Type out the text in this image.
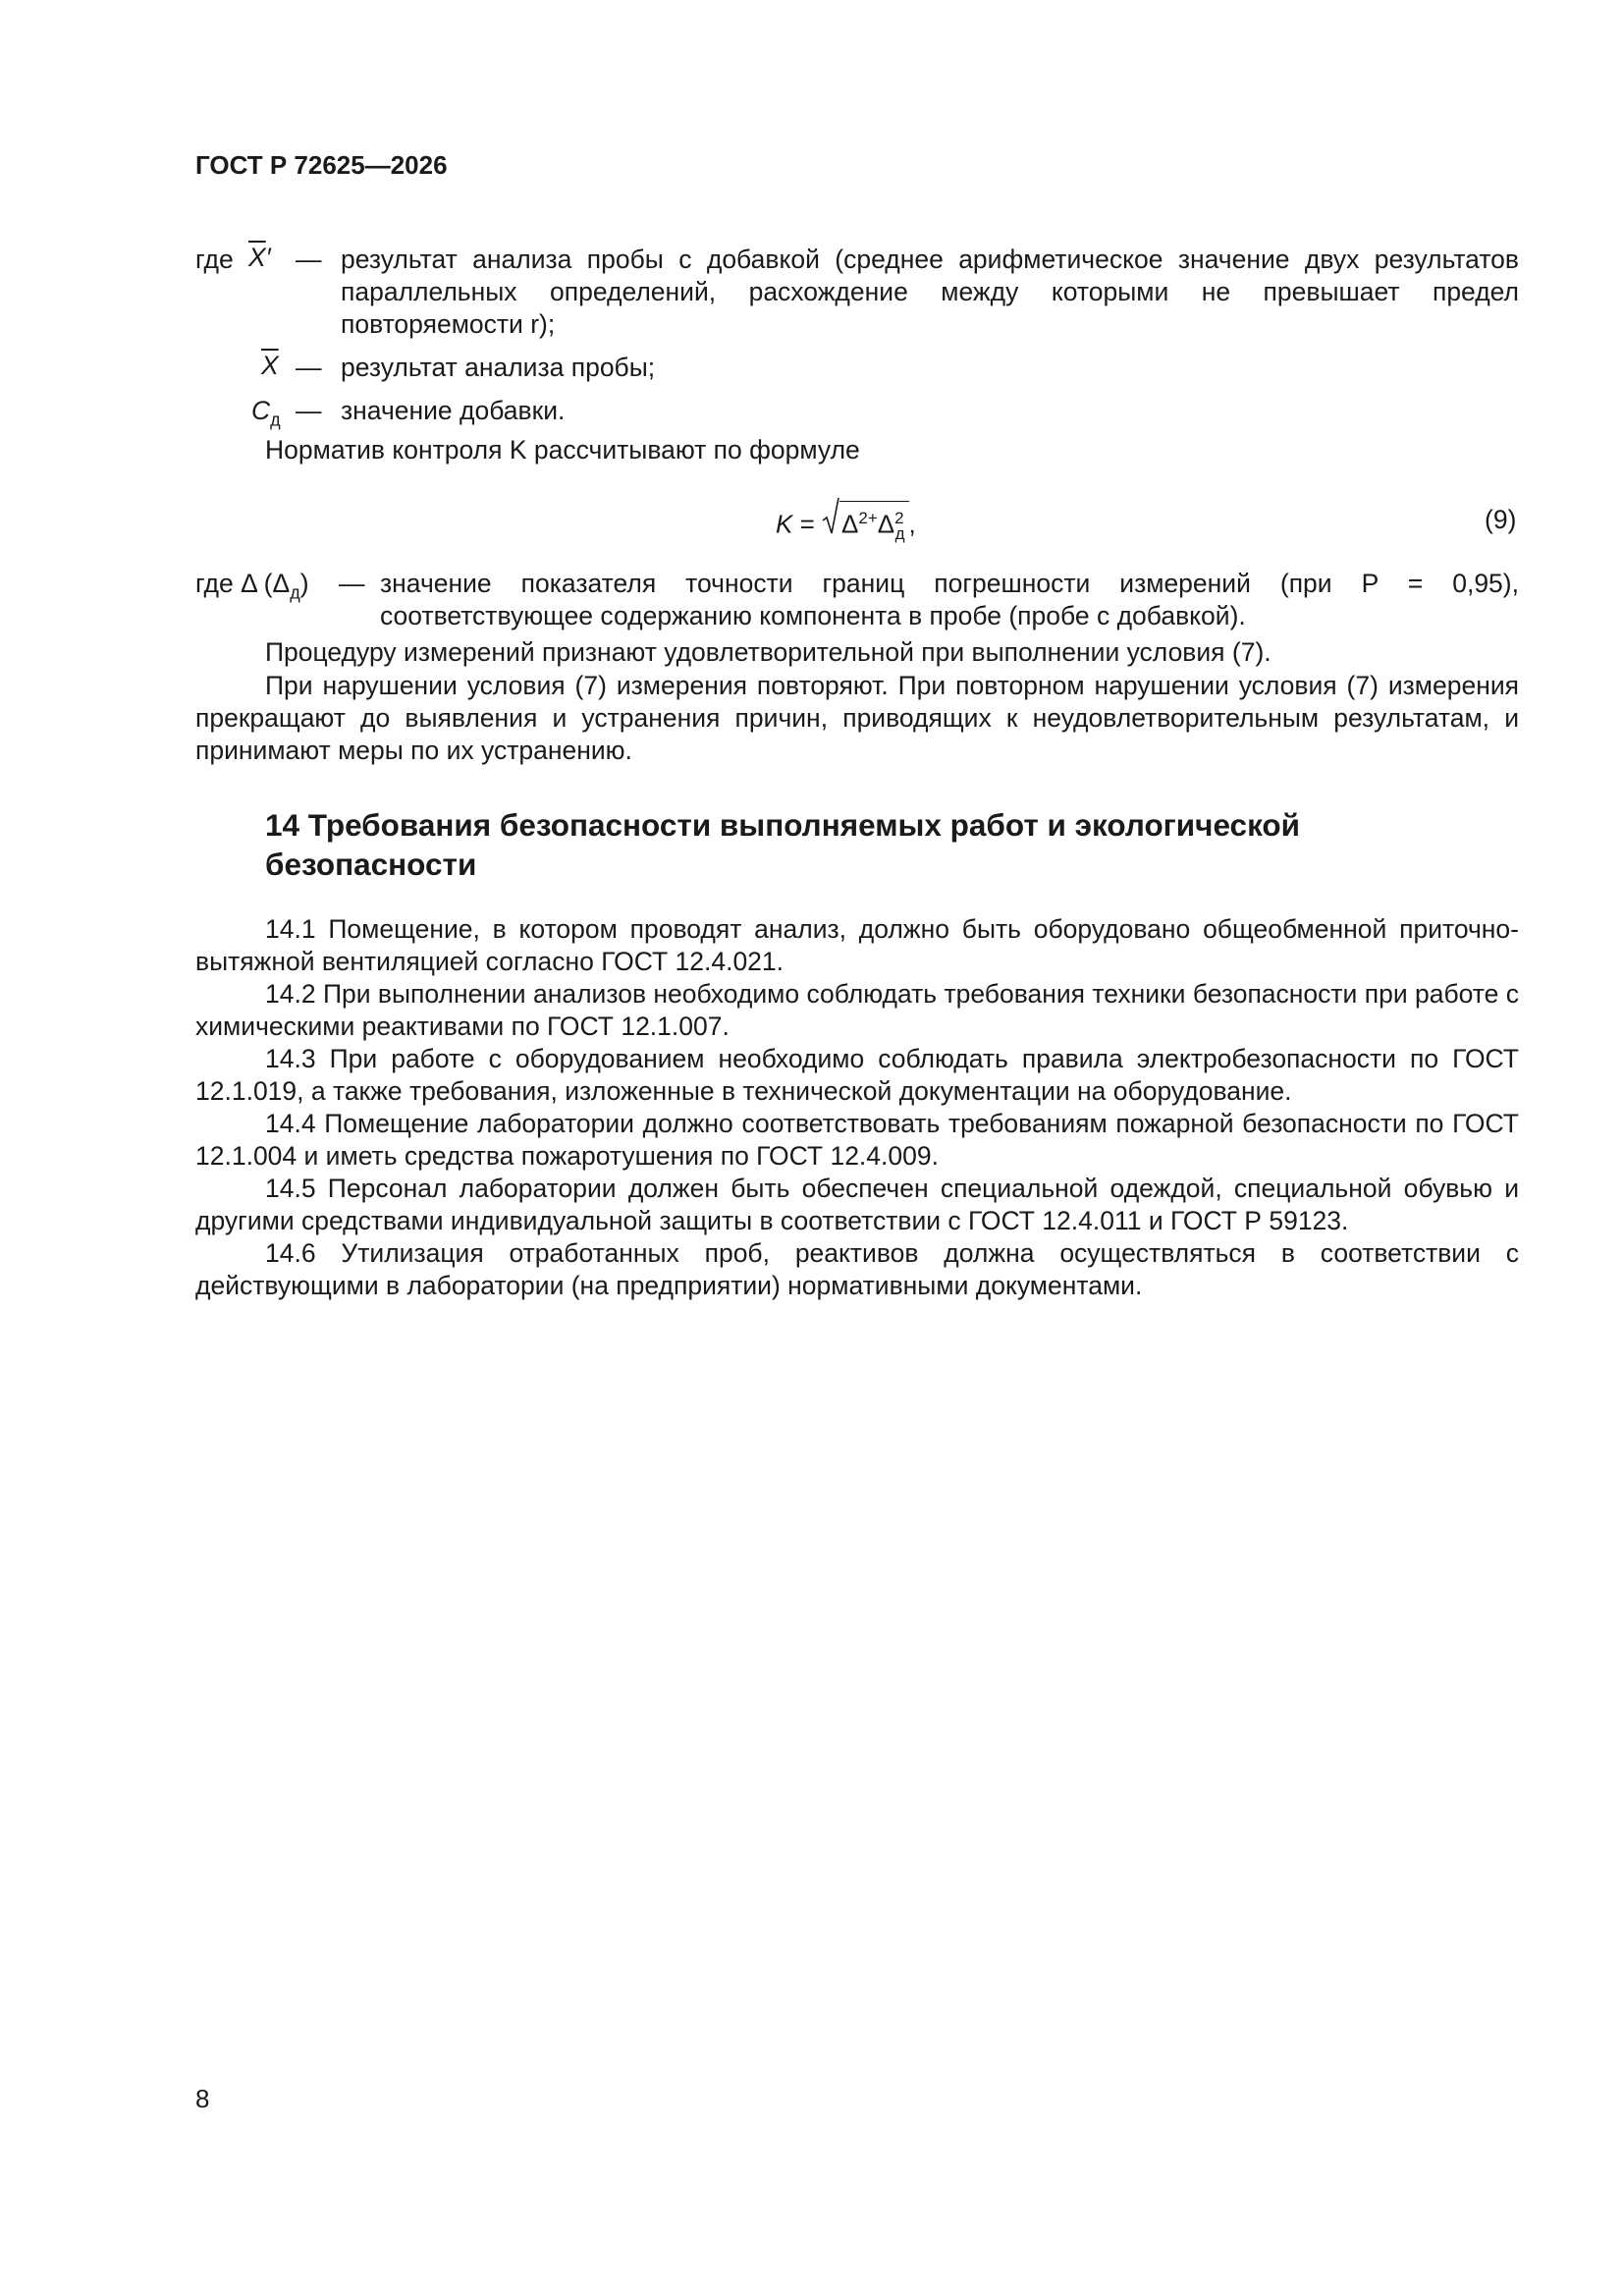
ГОСТ Р 72625—2026
где $\overline{X}'$ — результат анализа пробы с добавкой (среднее арифметическое значение двух результатов параллельных определений, расхождение между которыми не превышает предел повторяемости r);
$\overline{X}$ — результат анализа пробы;
$C_д$ — значение добавки.
Норматив контроля K рассчитывают по формуле
$K = \Delta^{2+}\Delta^2_д$ ,	(9)
где Δ $(\Delta_д)$ — значение показателя точности границ погрешности измерений (при P = 0,95), соответствующее содержанию компонента в пробе (пробе с добавкой).
Процедуру измерений признают удовлетворительной при выполнении условия (7).
При нарушении условия (7) измерения повторяют. При повторном нарушении условия (7) измерения прекращают до выявления и устранения причин, приводящих к неудовлетворительным результатам, и принимают меры по их устранению.
14 Требования безопасности выполняемых работ и экологической безопасности
14.1 Помещение, в котором проводят анализ, должно быть оборудовано общеобменной приточно-вытяжной вентиляцией согласно ГОСТ 12.4.021.
14.2 При выполнении анализов необходимо соблюдать требования техники безопасности при работе с химическими реактивами по ГОСТ 12.1.007.
14.3 При работе с оборудованием необходимо соблюдать правила электробезопасности по ГОСТ 12.1.019, а также требования, изложенные в технической документации на оборудование.
14.4 Помещение лаборатории должно соответствовать требованиям пожарной безопасности по ГОСТ 12.1.004 и иметь средства пожаротушения по ГОСТ 12.4.009.
14.5 Персонал лаборатории должен быть обеспечен специальной одеждой, специальной обувью и другими средствами индивидуальной защиты в соответствии с ГОСТ 12.4.011 и ГОСТ Р 59123.
14.6 Утилизация отработанных проб, реактивов должна осуществляться в соответствии с действующими в лаборатории (на предприятии) нормативными документами.
8
